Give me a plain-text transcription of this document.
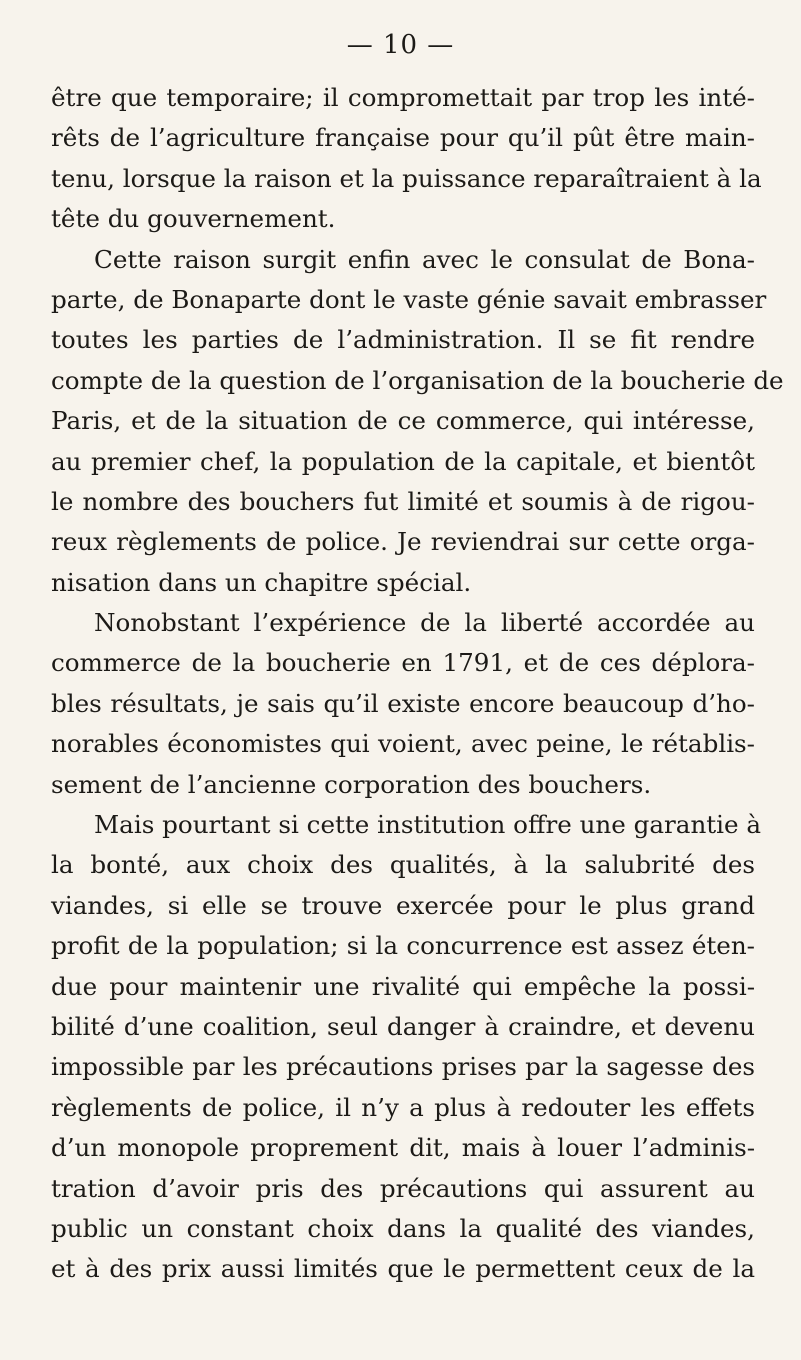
— 10 —
être que temporaire; il compromettait par trop les inté-
rêts de l’agriculture française pour qu’il pût être main-
tenu, lorsque la raison et la puissance reparaîtraient à la
tête du gouvernement.
Cette raison surgit enfin avec le consulat de Bona-
parte, de Bonaparte dont le vaste génie savait embrasser
toutes les parties de l’administration. Il se fit rendre
compte de la question de l’organisation de la boucherie de
Paris, et de la situation de ce commerce, qui intéresse,
au premier chef, la population de la capitale, et bientôt
le nombre des bouchers fut limité et soumis à de rigou-
reux règlements de police. Je reviendrai sur cette orga-
nisation dans un chapitre spécial.
Nonobstant l’expérience de la liberté accordée au
commerce de la boucherie en 1791, et de ces déplora-
bles résultats, je sais qu’il existe encore beaucoup d’ho-
norables économistes qui voient, avec peine, le rétablis-
sement de l’ancienne corporation des bouchers.
Mais pourtant si cette institution offre une garantie à
la bonté, aux choix des qualités, à la salubrité des
viandes, si elle se trouve exercée pour le plus grand
profit de la population; si la concurrence est assez éten-
due pour maintenir une rivalité qui empêche la possi-
bilité d’une coalition, seul danger à craindre, et devenu
impossible par les précautions prises par la sagesse des
règlements de police, il n’y a plus à redouter les effets
d’un monopole proprement dit, mais à louer l’adminis-
tration d’avoir pris des précautions qui assurent au
public un constant choix dans la qualité des viandes,
et à des prix aussi limités que le permettent ceux de la
